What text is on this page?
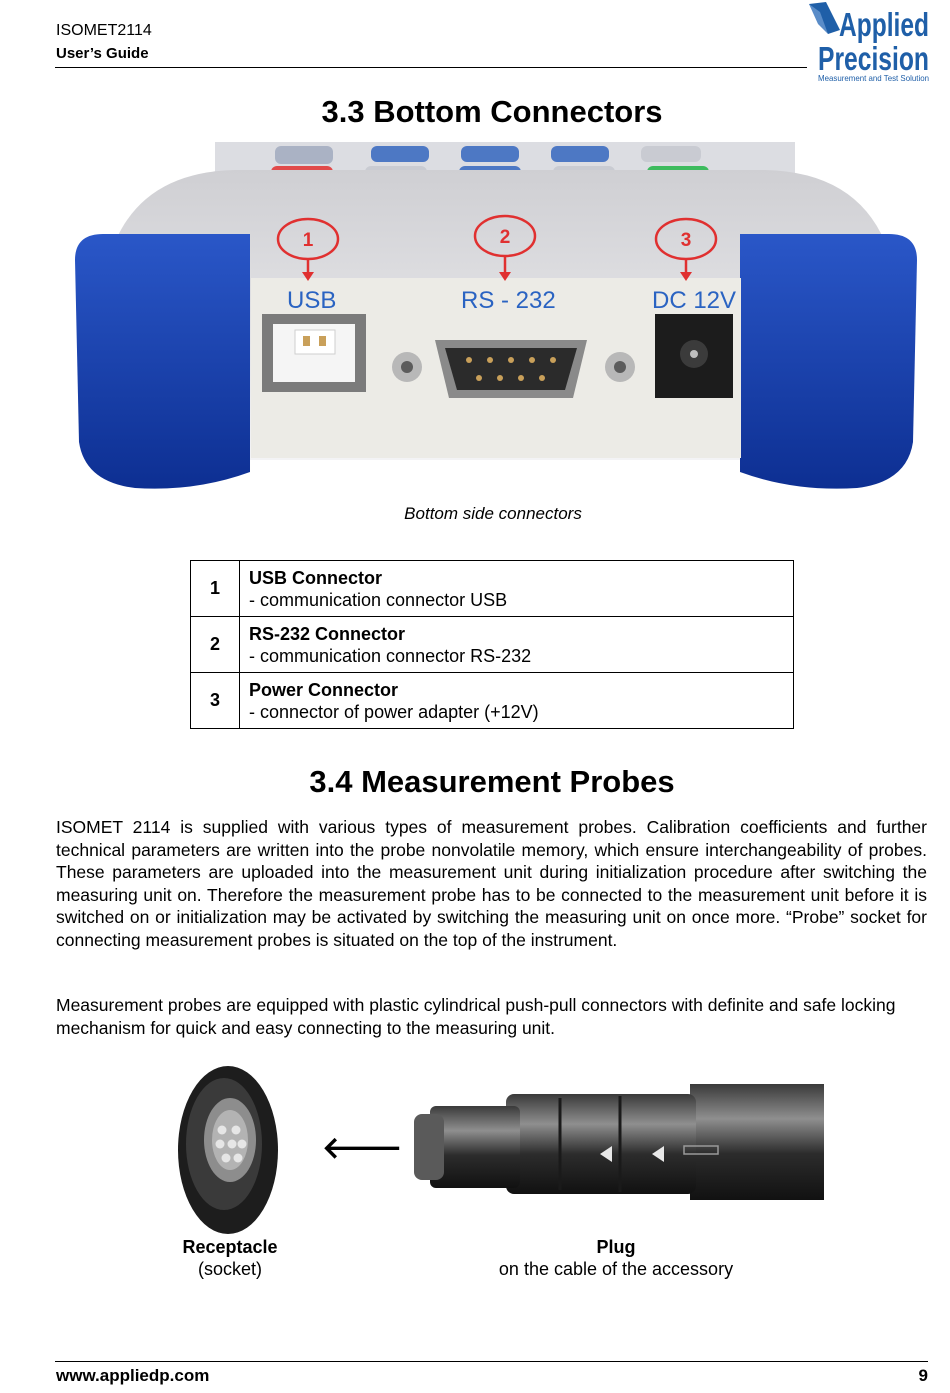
ISOMET2114
User’s Guide
Applied
Precision
Measurement and Test Solution
3.3 Bottom Connectors
USB	RS - 232	DC 12V
1	2	3
Bottom side connectors
1	USB Connector
- communication connector USB
2	RS-232 Connector
- communication connector RS-232
3	Power Connector
- connector of power adapter (+12V)
3.4 Measurement Probes
ISOMET 2114 is supplied with various types of measurement probes. Calibration coefficients and further technical parameters are written into the probe nonvolatile memory, which ensure interchangeability of probes. These parameters are uploaded into the measurement unit during initialization procedure after switching the measuring unit on. Therefore the measurement probe has to be connected to the measurement unit before it is switched on or initialization may be activated by switching the measuring unit on once more. “Probe” socket for connecting measurement probes is situated on the top of the instrument.
Measurement probes are equipped with plastic cylindrical push-pull connectors with definite and safe locking mechanism for quick and easy connecting to the measuring unit.
🡐
Receptacle
(socket)
Plug
on the cable of the accessory
www.appliedp.com	9
